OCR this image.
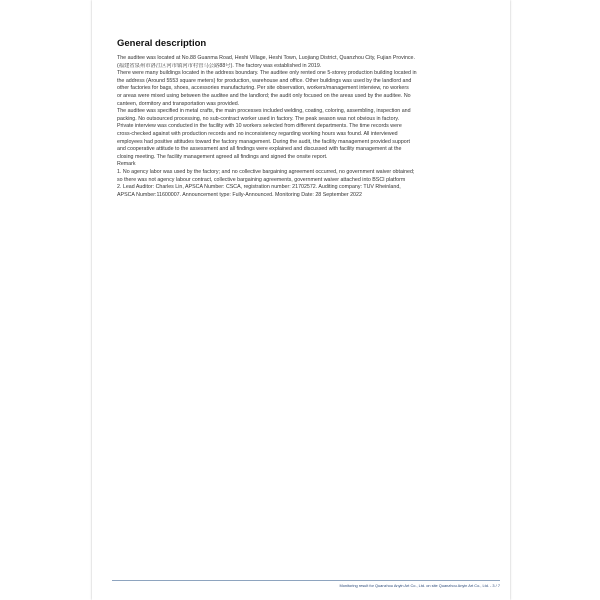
General description
The auditee was located at No.88 Guanma Road, Heshi Village, Heshi Town, Luojiang District, Quanzhou City, Fujian Province.
(福建省泉州市洛江区河市镇河市村管马公路88号). The factory was established in 2019.
There were many buildings located in the address boundary. The auditee only rented one 5-storey production building located in
the address (Around 5553 square meters) for production, warehouse and office. Other buildings was used by the landlord and
other factories for bags, shoes, accessories manufacturing. Per site observation, workers/management interview, no workers
or areas were mixed using between the auditee and the landlord; the audit only focused on the areas used by the auditee. No
canteen, dormitory and transportation was provided.
The auditee was specified in metal crafts, the main processes included welding, coating, coloring, assembling, inspection and
packing. No outsourced processing, no sub-contract worker used in factory. The peak season was not obvious in factory.
Private interview was conducted in the facility with 10 workers selected from different departments. The time records were
cross-checked against with production records and no inconsistency regarding working hours was found. All interviewed
employees had positive attitudes toward the factory management. During the audit, the facility management provided support
and cooperative attitude to the assessment and all findings were explained and discussed with facility management at the
closing meeting. The facility management agreed all findings and signed the onsite report.
Remark
1. No agency labor was used by the factory; and no collective bargaining agreement occurred, no government waiver obtained;
so there was not agency labour contract, collective bargaining agreements, government waiver attached into BSCI platform
2. Lead Auditor: Charles Lin, APSCA Number: CSCA, registration number: 21702572. Auditing company: TUV Rheinland,
APSCA Number:11600007. Announcement type: Fully-Announced. Monitoring Date: 28 September 2022
Monitoring result for Quanzhou Anyin Art Co., Ltd. on site Quanzhou Anyin Art Co., Ltd. - 3 / 7
